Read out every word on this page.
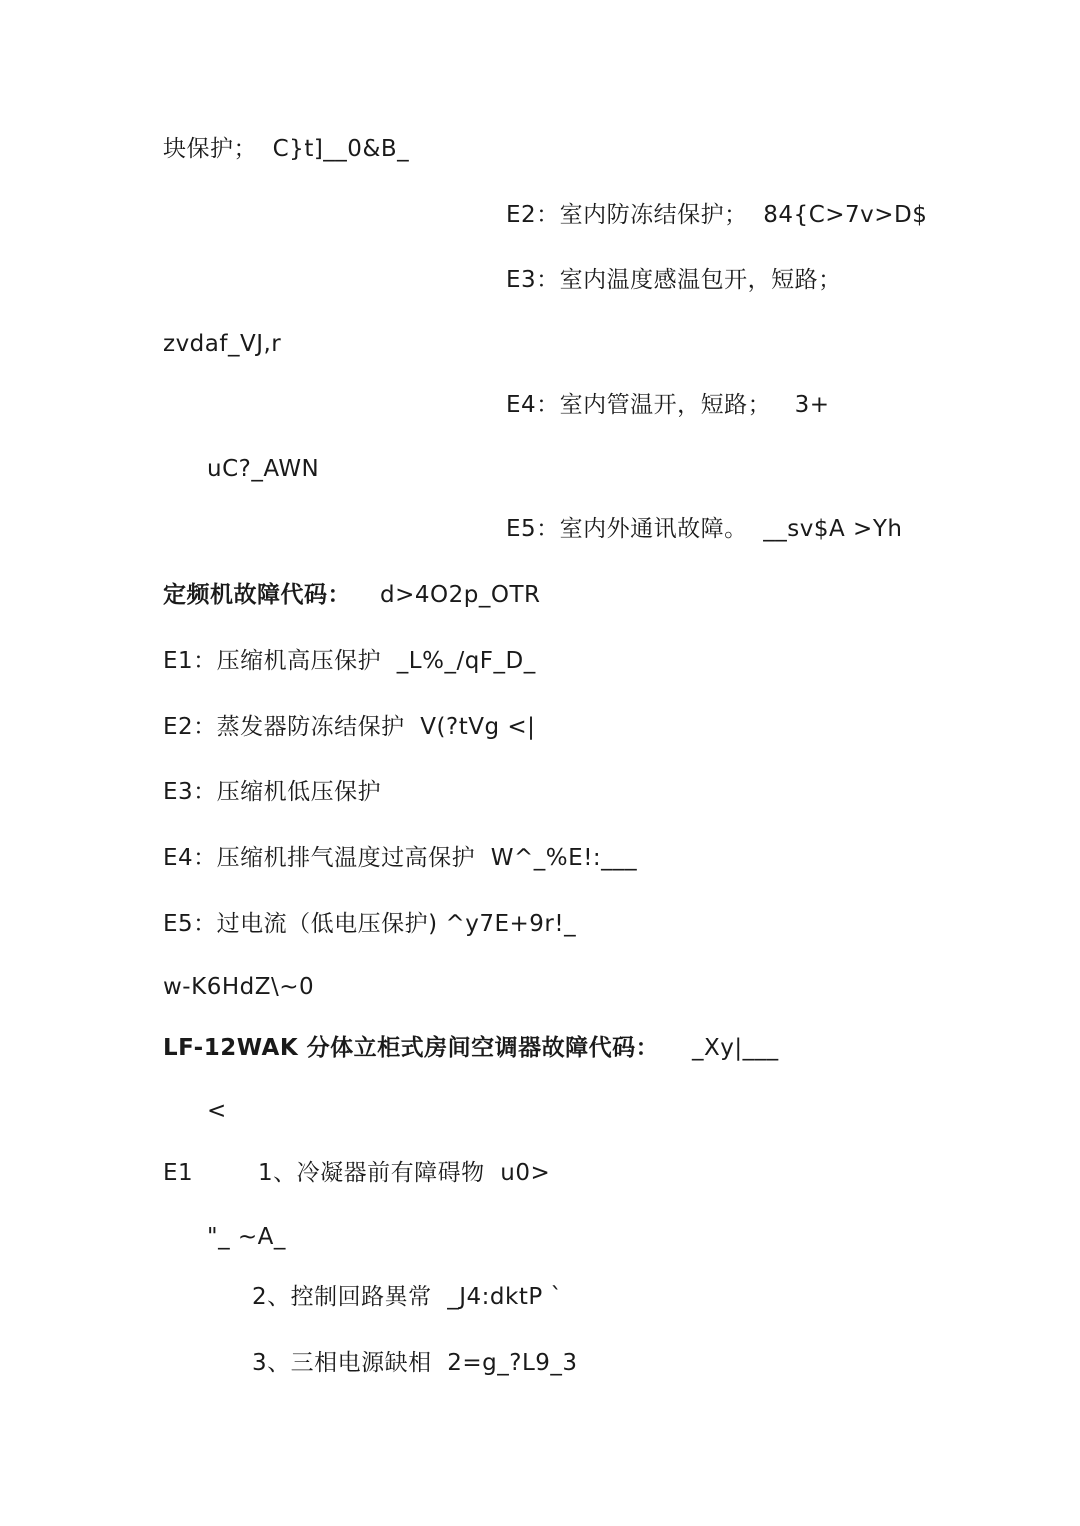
块保护；  C}t]__0&B_
E2：室内防冻结保护；  84{C>7v>D$
E3：室内温度感温包开，短路；
zvdaf_VJ,r
E4：室内管温开，短路；   3+
uC?_AWN
E5：室内外通讯故障。  __sv$A >Yh
定频机故障代码： d>4O2p_OTR
E1：压缩机高压保护  _L%_/qF_D_
E2：蒸发器防冻结保护  V(?tVg <|
E3：压缩机低压保护
E4：压缩机排气温度过高保护  W^_%E!:___
E5：过电流（低电压保护) ^y7E+9r!_
w-K6HdZ\~0
LF-12WAK 分体立柜式房间空调器故障代码： _Xy|___
<
E1	1、冷凝器前有障碍物  u0>
"_ ~A_
2、控制回路異常  _J4:dktP `
3、三相电源缺相  2=g_?L9_3
